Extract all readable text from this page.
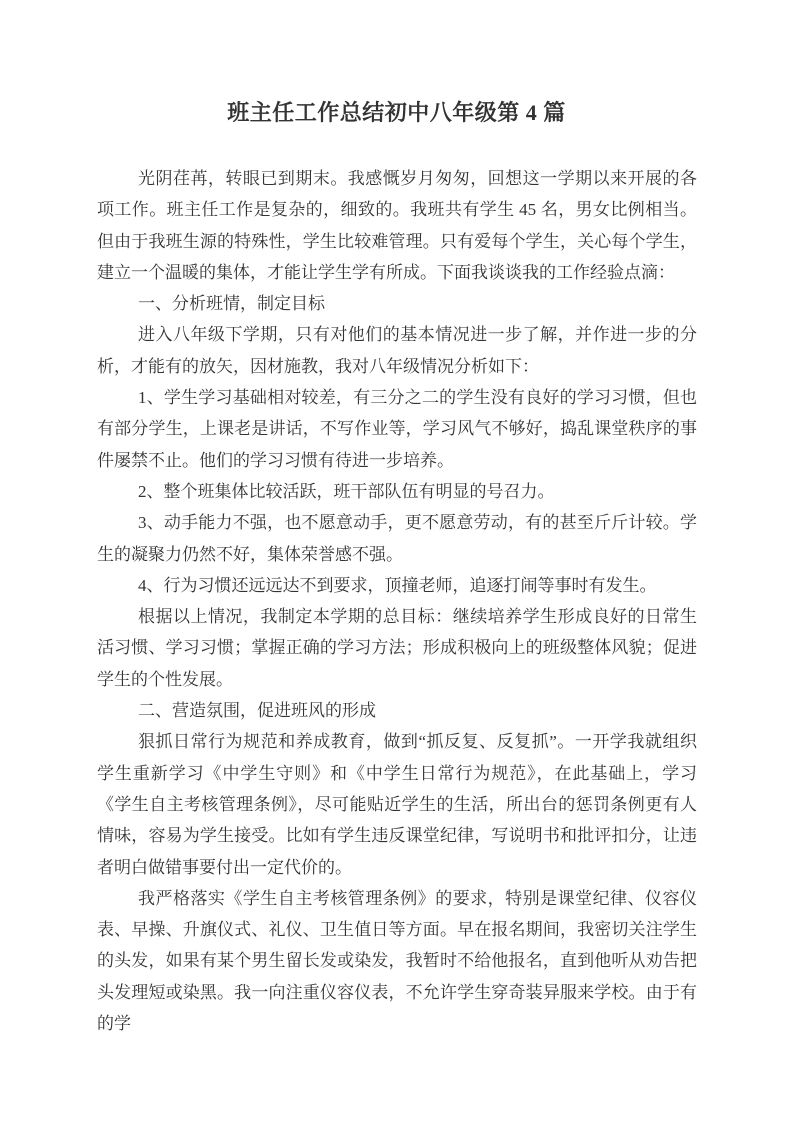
班主任工作总结初中八年级第 4 篇

光阴荏苒，转眼已到期末。我感慨岁月匆匆，回想这一学期以来开展的各项工作。班主任工作是复杂的，细致的。我班共有学生 45 名，男女比例相当。但由于我班生源的特殊性，学生比较难管理。只有爱每个学生，关心每个学生，建立一个温暖的集体，才能让学生学有所成。下面我谈谈我的工作经验点滴：

一、分析班情，制定目标

进入八年级下学期，只有对他们的基本情况进一步了解，并作进一步的分析，才能有的放矢，因材施教，我对八年级情况分析如下：

1、学生学习基础相对较差，有三分之二的学生没有良好的学习习惯，但也有部分学生，上课老是讲话，不写作业等，学习风气不够好，捣乱课堂秩序的事件屡禁不止。他们的学习习惯有待进一步培养。

2、整个班集体比较活跃，班干部队伍有明显的号召力。

3、动手能力不强，也不愿意动手，更不愿意劳动，有的甚至斤斤计较。学生的凝聚力仍然不好，集体荣誉感不强。

4、行为习惯还远远达不到要求，顶撞老师，追逐打闹等事时有发生。

根据以上情况，我制定本学期的总目标：继续培养学生形成良好的日常生活习惯、学习习惯；掌握正确的学习方法；形成积极向上的班级整体风貌；促进学生的个性发展。

二、营造氛围，促进班风的形成

狠抓日常行为规范和养成教育，做到“抓反复、反复抓”。一开学我就组织学生重新学习《中学生守则》和《中学生日常行为规范》，在此基础上，学习《学生自主考核管理条例》，尽可能贴近学生的生活，所出台的惩罚条例更有人情味，容易为学生接受。比如有学生违反课堂纪律，写说明书和批评扣分，让违者明白做错事要付出一定代价的。

我严格落实《学生自主考核管理条例》的要求，特别是课堂纪律、仪容仪表、早操、升旗仪式、礼仪、卫生值日等方面。早在报名期间，我密切关注学生的头发，如果有某个男生留长发或染发，我暂时不给他报名，直到他听从劝告把头发理短或染黑。我一向注重仪容仪表，不允许学生穿奇装异服来学校。由于有的学
